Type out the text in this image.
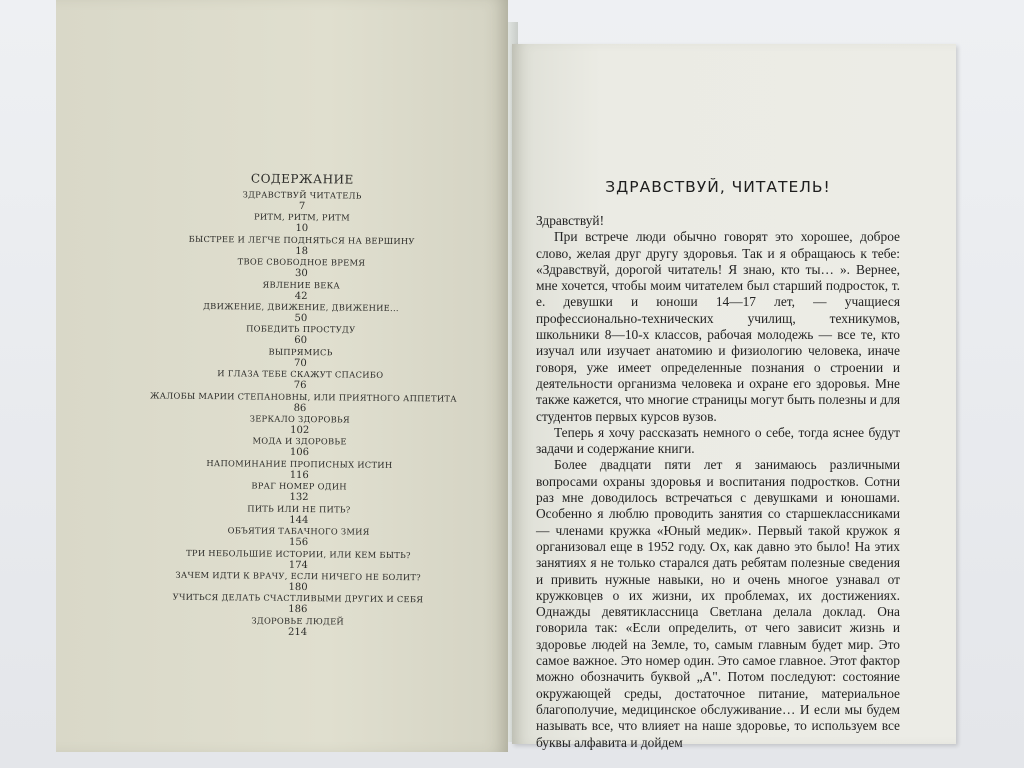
СОДЕРЖАНИЕ
ЗДРАВСТВУЙ ЧИТАТЕЛЬ
7
РИТМ, РИТМ, РИТМ
10
БЫСТРЕЕ И ЛЕГЧЕ ПОДНЯТЬСЯ НА ВЕРШИНУ
18
ТВОЕ СВОБОДНОЕ ВРЕМЯ
30
ЯВЛЕНИЕ ВЕКА
42
ДВИЖЕНИЕ, ДВИЖЕНИЕ, ДВИЖЕНИЕ...
50
ПОБЕДИТЬ ПРОСТУДУ
60
ВЫПРЯМИСЬ
70
И ГЛАЗА ТЕБЕ СКАЖУТ СПАСИБО
76
ЖАЛОБЫ МАРИИ СТЕПАНОВНЫ, ИЛИ ПРИЯТНОГО АППЕТИТА
86
ЗЕРКАЛО ЗДОРОВЬЯ
102
МОДА И ЗДОРОВЬЕ
106
НАПОМИНАНИЕ ПРОПИСНЫХ ИСТИН
116
ВРАГ НОМЕР ОДИН
132
ПИТЬ ИЛИ НЕ ПИТЬ?
144
ОБЪЯТИЯ ТАБАЧНОГО ЗМИЯ
156
ТРИ НЕБОЛЬШИЕ ИСТОРИИ, ИЛИ КЕМ БЫТЬ?
174
ЗАЧЕМ ИДТИ К ВРАЧУ, ЕСЛИ НИЧЕГО НЕ БОЛИТ?
180
УЧИТЬСЯ ДЕЛАТЬ СЧАСТЛИВЫМИ ДРУГИХ И СЕБЯ
186
ЗДОРОВЬЕ ЛЮДЕЙ
214
ЗДРАВСТВУЙ, ЧИТАТЕЛЬ!

Здравствуй!

При встрече люди обычно говорят это хорошее, доброе слово, желая друг другу здоровья. Так и я обращаюсь к тебе: «Здравствуй, дорогой читатель! Я знаю, кто ты… ». Вернее, мне хочется, чтобы моим читателем был старший подросток, т. е. девушки и юноши 14—17 лет, — учащиеся профессионально-технических училищ, техникумов, школьники 8—10-х классов, рабочая молодежь — все те, кто изучал или изучает анатомию и физиологию человека, иначе говоря, уже имеет определенные познания о строении и деятельности организма человека и охране его здоровья. Мне также кажется, что многие страницы могут быть полезны и для студентов первых курсов вузов.

Теперь я хочу рассказать немного о себе, тогда яснее будут задачи и содержание книги.

Более двадцати пяти лет я занимаюсь различными вопросами охраны здоровья и воспитания подростков. Сотни раз мне доводилось встречаться с девушками и юношами. Особенно я люблю проводить занятия со старшеклассниками — членами кружка «Юный медик». Первый такой кружок я организовал еще в 1952 году. Ох, как давно это было! На этих занятиях я не только старался дать ребятам полезные сведения и привить нужные навыки, но и очень многое узнавал от кружковцев о их жизни, их проблемах, их достижениях. Однажды девятиклассница Светлана делала доклад. Она говорила так: «Если определить, от чего зависит жизнь и здоровье людей на Земле, то, самым главным будет мир. Это самое важное. Это номер один. Это самое главное. Этот фактор можно обозначить буквой „А". Потом последуют: состояние окружающей среды, достаточное питание, материальное благополучие, медицинское обслуживание… И если мы будем называть все, что влияет на наше здоровье, то используем все буквы алфавита и дойдем
